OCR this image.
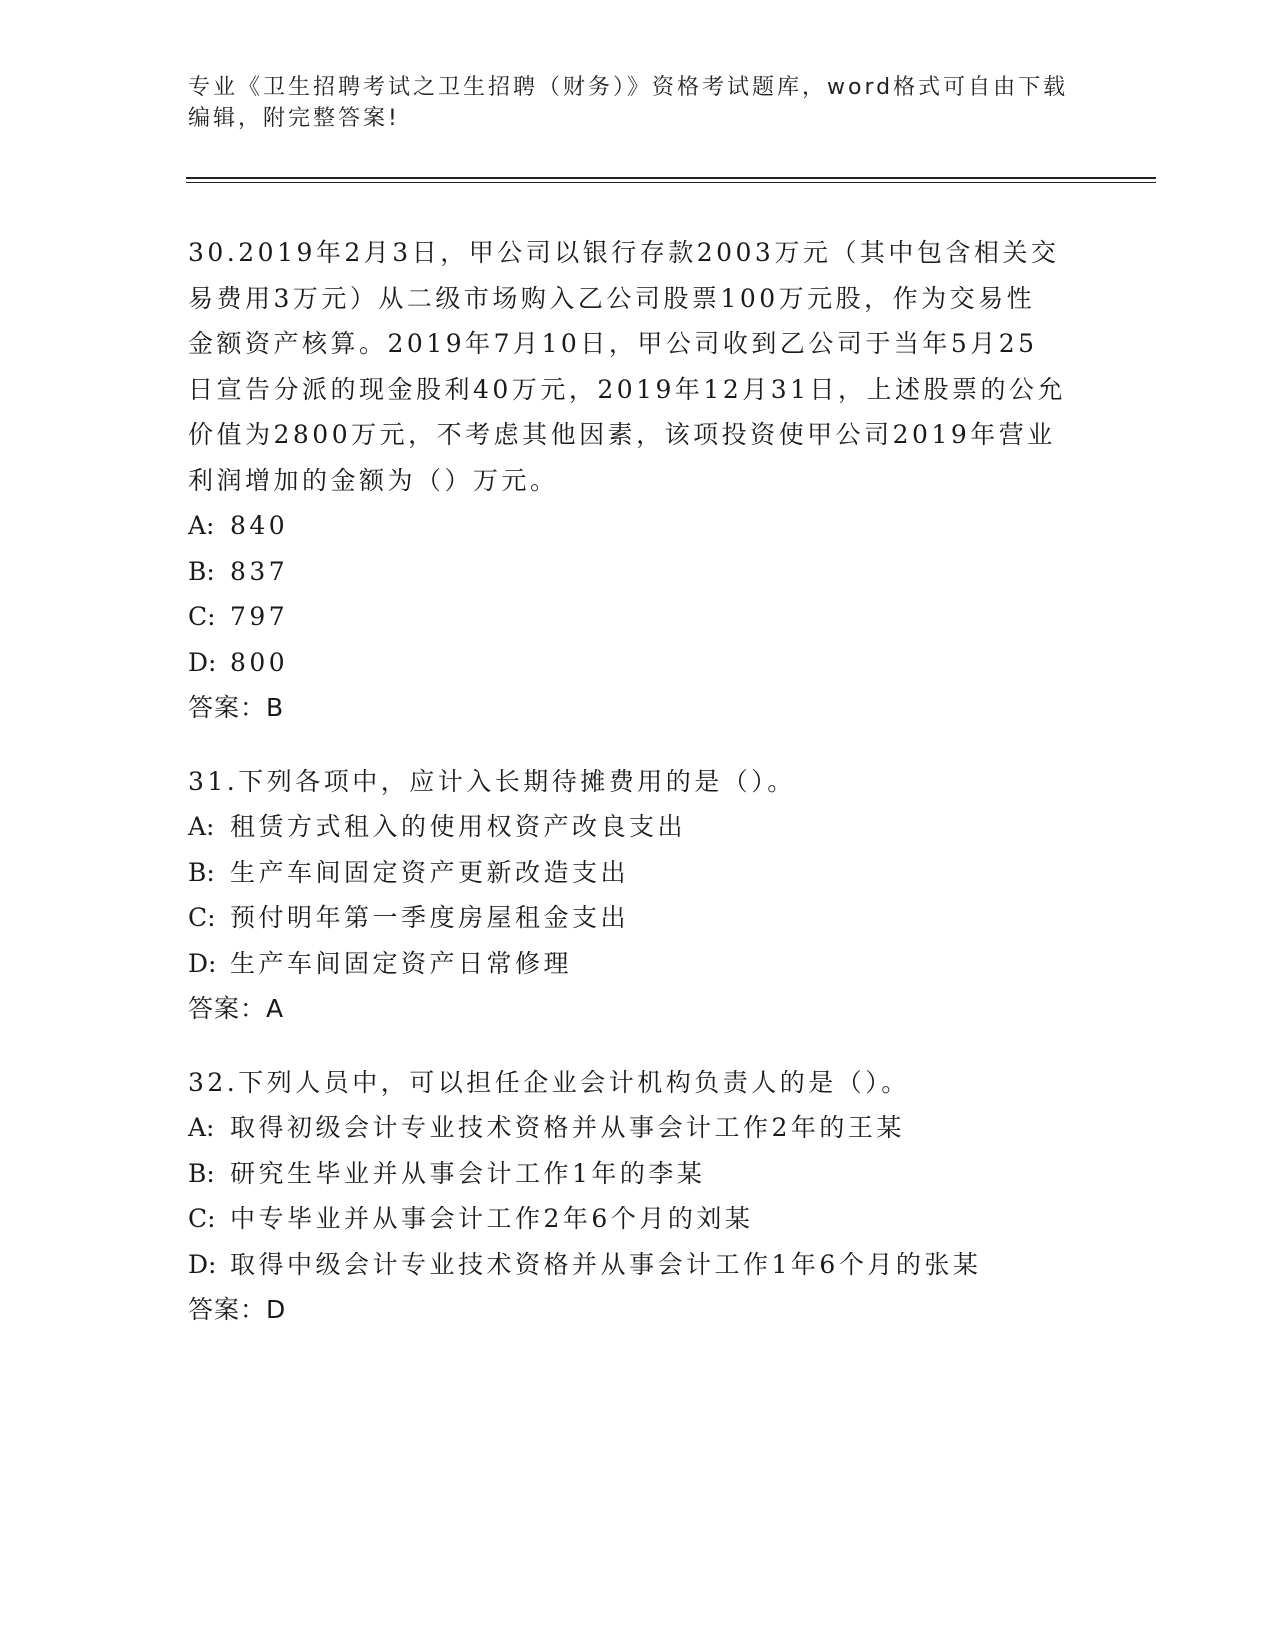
专业《卫生招聘考试之卫生招聘（财务）》资格考试题库，word格式可自由下载
编辑，附完整答案!
30.2019年2月3日，甲公司以银行存款2003万元（其中包含相关交
易费用3万元）从二级市场购入乙公司股票100万元股，作为交易性
金额资产核算。2019年7月10日，甲公司收到乙公司于当年5月25
日宣告分派的现金股利40万元，2019年12月31日，上述股票的公允
价值为2800万元，不考虑其他因素，该项投资使甲公司2019年营业
利润增加的金额为（）万元。
A: 840
B: 837
C: 797
D: 800
答案：B
31.下列各项中，应计入长期待摊费用的是（）。
A: 租赁方式租入的使用权资产改良支出
B: 生产车间固定资产更新改造支出
C: 预付明年第一季度房屋租金支出
D: 生产车间固定资产日常修理
答案：A
32.下列人员中，可以担任企业会计机构负责人的是（）。
A: 取得初级会计专业技术资格并从事会计工作2年的王某
B: 研究生毕业并从事会计工作1年的李某
C: 中专毕业并从事会计工作2年6个月的刘某
D: 取得中级会计专业技术资格并从事会计工作1年6个月的张某
答案：D
